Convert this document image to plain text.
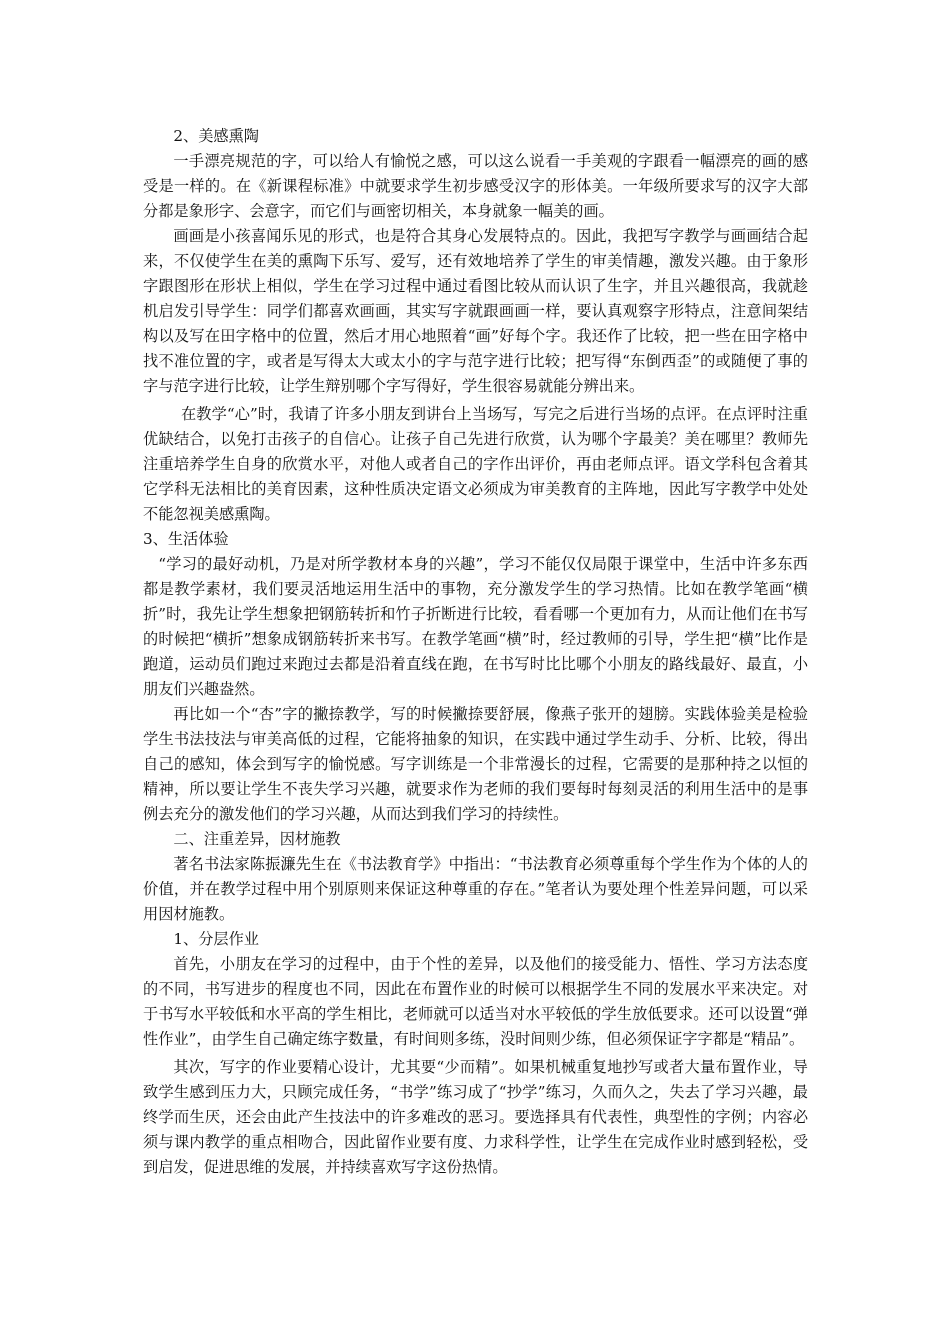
2、美感熏陶

一手漂亮规范的字，可以给人有愉悦之感，可以这么说看一手美观的字跟看一幅漂亮的画的感受是一样的。在《新课程标准》中就要求学生初步感受汉字的形体美。一年级所要求写的汉字大部分都是象形字、会意字，而它们与画密切相关，本身就象一幅美的画。

画画是小孩喜闻乐见的形式，也是符合其身心发展特点的。因此，我把写字教学与画画结合起来，不仅使学生在美的熏陶下乐写、爱写，还有效地培养了学生的审美情趣，激发兴趣。由于象形字跟图形在形状上相似，学生在学习过程中通过看图比较从而认识了生字，并且兴趣很高，我就趁机启发引导学生：同学们都喜欢画画，其实写字就跟画画一样，要认真观察字形特点，注意间架结构以及写在田字格中的位置，然后才用心地照着“画”好每个字。我还作了比较，把一些在田字格中找不准位置的字，或者是写得太大或太小的字与范字进行比较；把写得“东倒西歪”的或随便了事的字与范字进行比较，让学生辩别哪个字写得好，学生很容易就能分辨出来。

在教学“心”时，我请了许多小朋友到讲台上当场写，写完之后进行当场的点评。在点评时注重优缺结合，以免打击孩子的自信心。让孩子自己先进行欣赏，认为哪个字最美？美在哪里？教师先注重培养学生自身的欣赏水平，对他人或者自己的字作出评价，再由老师点评。语文学科包含着其它学科无法相比的美育因素，这种性质决定语文必须成为审美教育的主阵地，因此写字教学中处处不能忽视美感熏陶。

3、生活体验

“学习的最好动机，乃是对所学教材本身的兴趣”，学习不能仅仅局限于课堂中，生活中许多东西都是教学素材，我们要灵活地运用生活中的事物，充分激发学生的学习热情。比如在教学笔画“横折”时，我先让学生想象把钢筋转折和竹子折断进行比较，看看哪一个更加有力，从而让他们在书写的时候把“横折”想象成钢筋转折来书写。在教学笔画“横”时，经过教师的引导，学生把“横”比作是跑道，运动员们跑过来跑过去都是沿着直线在跑，在书写时比比哪个小朋友的路线最好、最直，小朋友们兴趣盎然。

再比如一个“杏”字的撇捺教学，写的时候撇捺要舒展，像燕子张开的翅膀。实践体验美是检验学生书法技法与审美高低的过程，它能将抽象的知识，在实践中通过学生动手、分析、比较，得出自己的感知，体会到写字的愉悦感。写字训练是一个非常漫长的过程，它需要的是那种持之以恒的精神，所以要让学生不丧失学习兴趣，就要求作为老师的我们要每时每刻灵活的利用生活中的是事例去充分的激发他们的学习兴趣，从而达到我们学习的持续性。

二、注重差异，因材施教

著名书法家陈振濂先生在《书法教育学》中指出：“书法教育必须尊重每个学生作为个体的人的价值，并在教学过程中用个别原则来保证这种尊重的存在。”笔者认为要处理个性差异问题，可以采用因材施教。

1、分层作业

首先，小朋友在学习的过程中，由于个性的差异，以及他们的接受能力、悟性、学习方法态度的不同，书写进步的程度也不同，因此在布置作业的时候可以根据学生不同的发展水平来决定。对于书写水平较低和水平高的学生相比，老师就可以适当对水平较低的学生放低要求。还可以设置“弹性作业”，由学生自己确定练字数量，有时间则多练，没时间则少练，但必须保证字字都是“精品”。

其次，写字的作业要精心设计，尤其要“少而精”。如果机械重复地抄写或者大量布置作业，导致学生感到压力大，只顾完成任务，“书学”练习成了“抄学”练习，久而久之，失去了学习兴趣，最终学而生厌，还会由此产生技法中的许多难改的恶习。要选择具有代表性，典型性的字例；内容必须与课内教学的重点相吻合，因此留作业要有度、力求科学性，让学生在完成作业时感到轻松，受到启发，促进思维的发展，并持续喜欢写字这份热情。
